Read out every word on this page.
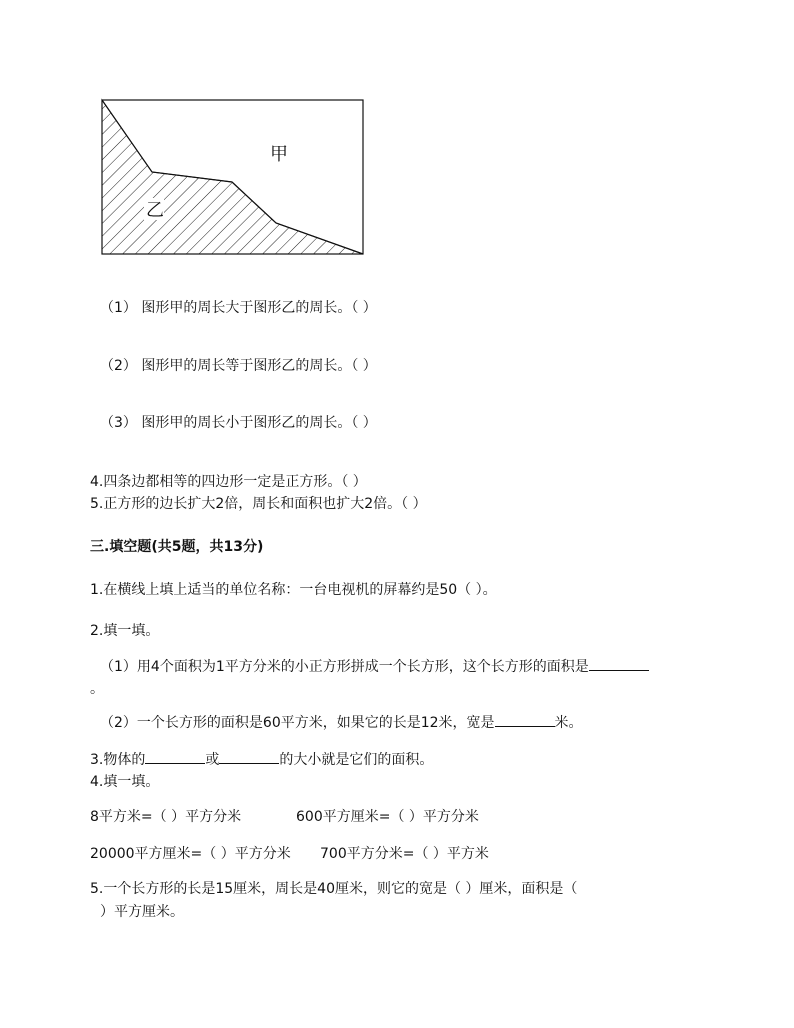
甲
乙
（1） 图形甲的周长大于图形乙的周长。（ ）
（2） 图形甲的周长等于图形乙的周长。（ ）
（3） 图形甲的周长小于图形乙的周长。（ ）
4.四条边都相等的四边形一定是正方形。（ ）
5.正方形的边长扩大2倍，周长和面积也扩大2倍。（ ）
三.填空题(共5题，共13分)
1.在横线上填上适当的单位名称：一台电视机的屏幕约是50（ ）。
2.填一填。
（1）用4个面积为1平方分米的小正方形拼成一个长方形，这个长方形的面积是
。
（2）一个长方形的面积是60平方米，如果它的长是12米，宽是	米。
3.物体的	或	的大小就是它们的面积。
4.填一填。
8平方米=（ ）平方分米	600平方厘米=（ ）平方分米
20000平方厘米=（ ）平方分米 700平方分米=（ ）平方米
5.一个长方形的长是15厘米，周长是40厘米，则它的宽是（ ）厘米，面积是（
）平方厘米。
